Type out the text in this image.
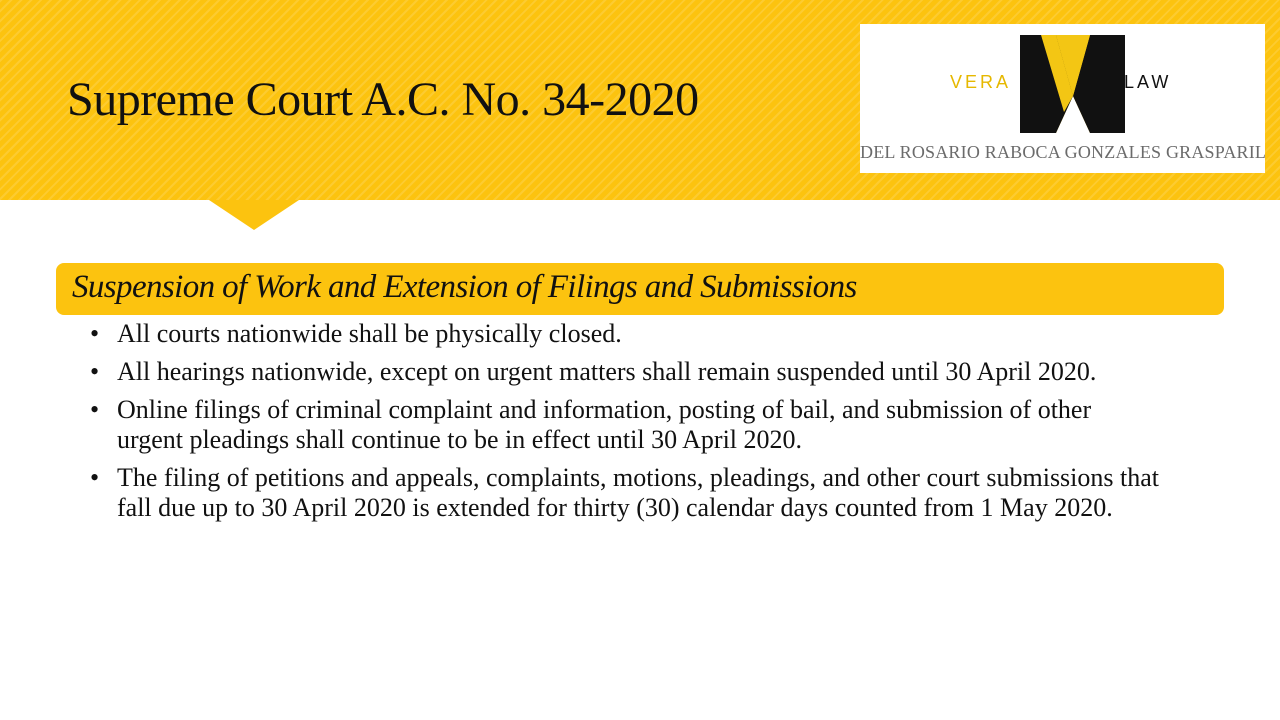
Supreme Court A.C. No. 34-2020	VERA	LAW
DEL ROSARIO RABOCA GONZALES GRASPARIL
Suspension of Work and Extension of Filings and Submissions
• All courts nationwide shall be physically closed.
• All hearings nationwide, except on urgent matters shall remain suspended until 30 April 2020.
• Online filings of criminal complaint and information, posting of bail, and submission of other urgent pleadings shall continue to be in effect until 30 April 2020.
• The filing of petitions and appeals, complaints, motions, pleadings, and other court submissions that fall due up to 30 April 2020 is extended for thirty (30) calendar days counted from 1 May 2020.
